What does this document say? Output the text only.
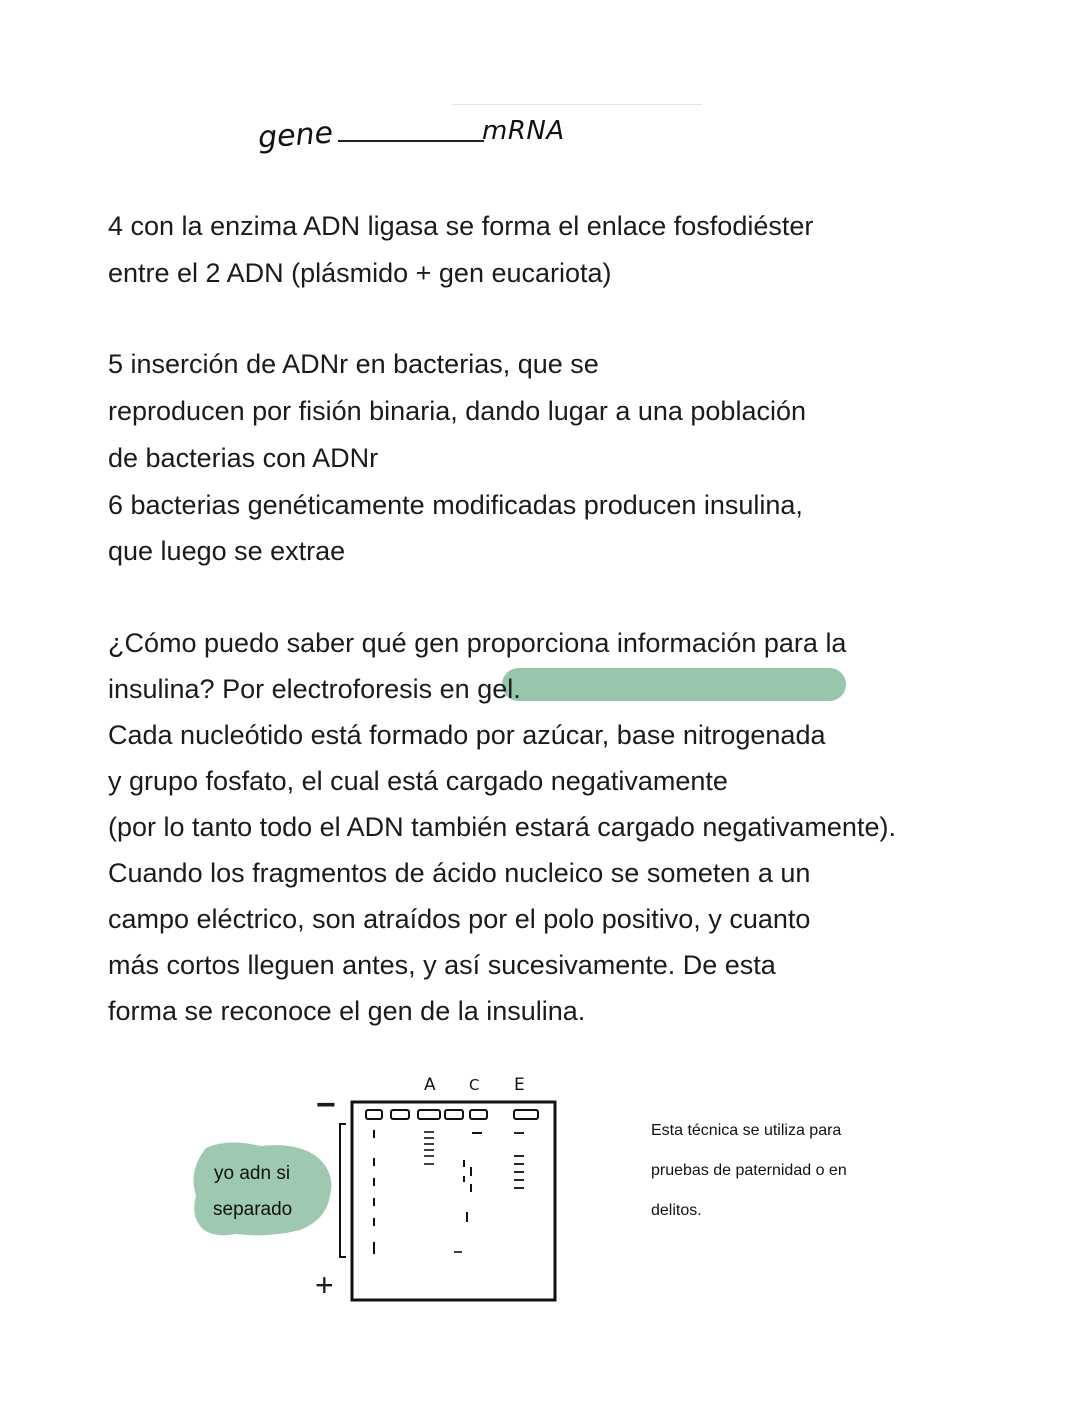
gene	mRNA
4 con la enzima ADN ligasa se forma el enlace fosfodiéster
entre el 2 ADN (plásmido + gen eucariota)
5 inserción de ADNr en bacterias, que se
reproducen por fisión binaria, dando lugar a una población
de bacterias con ADNr
6 bacterias genéticamente modificadas producen insulina,
que luego se extrae
¿Cómo puedo saber qué gen proporciona información para la
insulina? Por electroforesis en gel.
Cada nucleótido está formado por azúcar, base nitrogenada
y grupo fosfato, el cual está cargado negativamente
(por lo tanto todo el ADN también estará cargado negativamente).
Cuando los fragmentos de ácido nucleico se someten a un
campo eléctrico, son atraídos por el polo positivo, y cuanto
más cortos lleguen antes, y así sucesivamente. De esta
forma se reconoce el gen de la insulina.
yo adn si
separado
−
+
A C E
Esta técnica se utiliza para
pruebas de paternidad o en
delitos.
